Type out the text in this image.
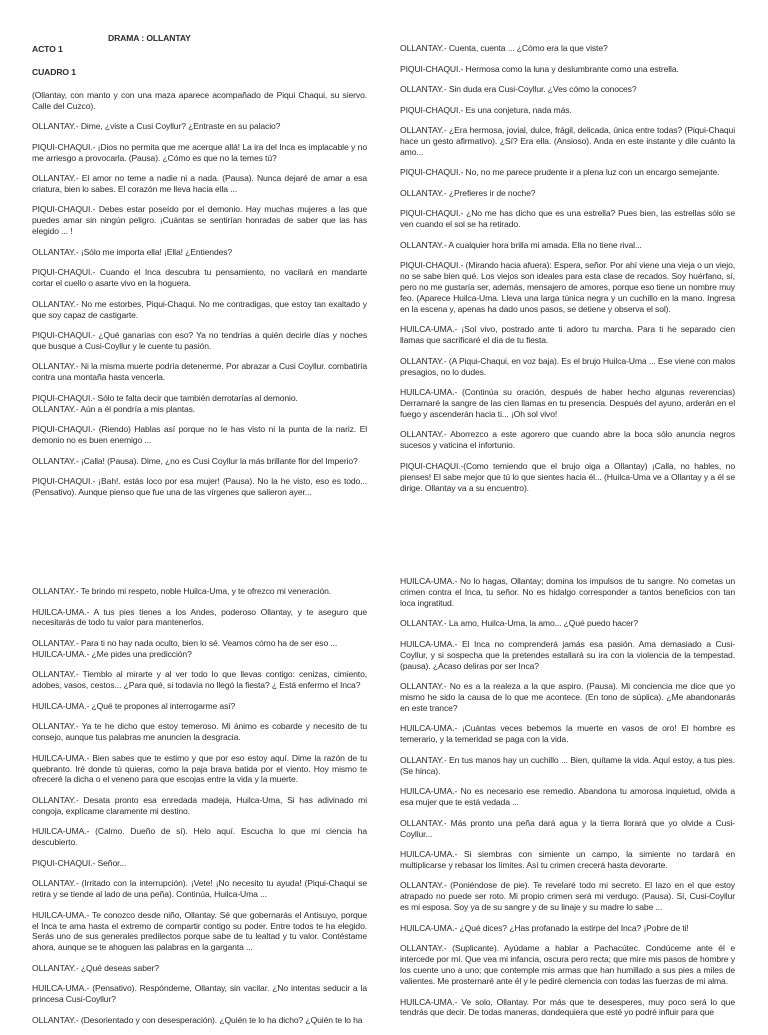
DRAMA : OLLANTAY

ACTO 1

CUADRO 1

(Ollantay, con manto y con una maza aparece acompañado de Piqui Chaqui, su siervo. Calle del Cuzco).

OLLANTAY.- Dime, ¿viste a Cusi Coyllur? ¿Entraste en su palacio?

PIQUI-CHAQUI.- ¡Dios no permita que me acerque allá! La ira del Inca es implacable y no me arriesgo a provocarla. (Pausa). ¿Cómo es que no la temes tú?

OLLANTAY.- El amor no teme a nadie ni a nada. (Pausa). Nunca dejaré de amar a esa criatura, bien lo sabes. El corazón me lleva hacia ella ...

PIQUI-CHAQUI.- Debes estar poseído por el demonio. Hay muchas mujeres a las que puedes amar sin ningún peligro. ¡Cuántas se sentirían honradas de saber que las has elegido ... !

OLLANTAY.- ¡Sólo me importa ella! ¡Ella! ¿Entiendes?

PIQUI-CHAQUI.- Cuando el Inca descubra tu pensamiento, no vacilará en mandarte cortar el cuello o asarte vivo en la hoguera.

OLLANTAY.- No me estorbes, Piqui-Chaqui. No me contradigas, que estoy tan exaltado y que soy capaz de castigarte.

PIQUI-CHAQUI.- ¿Qué ganarías con eso? Ya no tendrías a quién decirle días y noches que busque a Cusi-Coyllur y le cuente tu pasión.

OLLANTAY.- Ni la misma muerte podría detenerme. Por abrazar a Cusi Coyllur. combatiría contra una montaña hasta vencerla.

PIQUI-CHAQUI.- Sólo te falta decir que también derrotarías al demonio.

OLLANTAY.- Aún a él pondría a mis plantas.

PIQUI-CHAQUI.- (Riendo) Hablas así porque no le has visto ni la punta de la nariz. El demonio no es buen enemigo ...

OLLANTAY.- ¡Calla! (Pausa). Dime, ¿no es Cusi Coyllur la más brillante flor del Imperio?

PIQUI-CHAQUI.- ¡Bah!. estás loco por esa mujer! (Pausa). No la he visto, eso es todo... (Pensativo). Aunque pienso que fue una de las vírgenes que salieron ayer...

OLLANTAY.- Cuenta, cuenta ... ¿Cómo era la que viste?

PIQUI-CHAQUI.- Hermosa como la luna y deslumbrante como una estrella.

OLLANTAY.- Sin duda era Cusi-Coyllur. ¿Ves cómo la conoces?

PIQUI-CHAQUI.- Es una conjetura, nada más.

OLLANTAY.- ¿Era hermosa, jovial, dulce, frágil, delicada, única entre todas? (Piqui-Chaqui hace un gesto afirmativo). ¿Sí? Era ella. (Ansioso). Anda en este instante y dile cuánto la amo...

PIQUI-CHAQUI.- No, no me parece prudente ir a plena luz con un encargo semejante.

OLLANTAY.- ¿Prefieres ir de noche?

PIQUI-CHAQUI.- ¿No me has dicho que es una estrella? Pues bien, las estrellas sólo se ven cuando el sol se ha retirado.

OLLANTAY.- A cualquier hora brilla mi amada. Ella no tiene rival...

PIQUI-CHAQUI.- (Mirando hacia afuera): Espera, señor. Por ahí viene una vieja o un viejo, no se sabe bien qué. Los viejos son ideales para esta clase de recados. Soy huérfano, sí, pero no me gustaría ser, además, mensajero de amores, porque eso tiene un nombre muy feo. (Aparece Huilca-Uma. Lleva una larga túnica negra y un cuchillo en la mano. Ingresa en la escena y, apenas ha dado unos pasos, se detiene y observa el sol).

HUILCA-UMA.- ¡Sol vivo, postrado ante ti adoro tu marcha. Para ti he separado cien llamas que sacrificaré el día de tu fiesta.

OLLANTAY.- (A Piqui-Chaqui, en voz baja). Es el brujo Huilca-Uma ... Ese viene con malos presagios, no lo dudes.

HUILCA-UMA.- (Continúa su oración, después de haber hecho algunas reverencias) Derramaré la sangre de las cien llamas en tu presencia. Después del ayuno, arderán en el fuego y ascenderán hacia ti... ¡Oh sol vivo!

OLLANTAY.- Aborrezco a este agorero que cuando abre la boca sólo anuncia negros sucesos y vaticina el infortunio.

PIQUI-CHAQUI.-(Como temiendo que el brujo oiga a Ollantay) ¡Calla, no hables, no pienses! El sabe mejor que tú lo que sientes hacia él... (Huilca-Uma ve a Ollantay y a él se dirige. Ollantay va a su encuentro).

OLLANTAY.- Te brindo mi respeto, noble Huilca-Uma, y te ofrezco mi veneración.

HUILCA-UMA.- A tus pies tienes a los Andes, poderoso Ollantay, y te aseguro que necesitarás de todo tu valor para mantenerlos.

OLLANTAY.- Para ti no hay nada oculto, bien lo sé. Veamos cómo ha de ser eso ...

HUILCA-UMA.- ¿Me pides una predicción?

OLLANTAY.- Tiemblo al mirarte y al ver todo lo que llevas contigo: cenizas, cimiento, adobes, vasos, cestos... ¿Para qué, si todavía no llegó la fiesta? ¿ Está enfermo el Inca?

HUILCA-UMA.- ¿Qué te propones al interrogarme así?

OLLANTAY.- Ya te he dicho que estoy temeroso. Mi ánimo es cobarde y necesito de tu consejo, aunque tus palabras me anuncien la desgracia.

HUILCA-UMA.- Bien sabes que te estimo y que por eso estoy aquí. Dime la razón de tu quebranto. Iré donde tú quieras, como la paja brava batida por el viento. Hoy mismo te ofreceré la dicha o el veneno para que escojas entre la vida y la muerte.

OLLANTAY.- Desata pronto esa enredada madeja, Huilca-Uma, Si has adivinado mi congoja, explícame claramente mi destino.

HUILCA-UMA.- (Calmo. Dueño de sí). Helo aquí. Escucha lo que mi ciencia ha descubierto.

PIQUI-CHAQUI.- Señor...

OLLANTAY.- (Irritado con la interrupción). ¡Vete! ¡No necesito tu ayuda! (Piqui-Chaqui se retira y se tiende al lado de una peña). Continúa, Huilca-Uma ...

HUILCA-UMA.- Te conozco desde niño, Ollantay. Sé que gobernarás el Antisuyo, porque el Inca te ama hasta el extremo de compartir contigo su poder. Entre todos te ha elegido. Serás uno de sus generales predilectos porque sabe de tu lealtad y tu valor. Contéstame ahora, aunque se te ahoguen las palabras en la garganta ...

OLLANTAY.- ¿Qué deseas saber?

HUILCA-UMA.- (Pensativo). Respóndeme, Ollantay, sin vacilar. ¿No intentas seducir a la princesa Cusi-Coyllur?

OLLANTAY.- (Desorientado y con desesperación). ¿Quién te lo ha dicho? ¿Quién te lo ha

HUILCA-UMA.- No lo hagas, Ollantay; domina los impulsos de tu sangre. No cometas un crimen contra el Inca, tu señor. No es hidalgo corresponder a tantos beneficios con tan loca ingratitud.

OLLANTAY.- La amo, Huilca-Uma, la amo... ¿Qué puedo hacer?

HUILCA-UMA.- El Inca no comprenderá jamás esa pasión. Ama demasiado a Cusi-Coyllur, y si sospecha que la pretendes estallará su ira con la violencia de la tempestad. (pausa). ¿Acaso deliras por ser Inca?

OLLANTAY.- No es a la realeza a la que aspiro. (Pausa). Mi conciencia me dice que yo mismo he sido la causa de lo que me acontece. (En tono de súplica). ¿Me abandonarás en este trance?

HUILCA-UMA.- ¡Cuántas veces bebemos la muerte en vasos de oro! El hombre es temerario, y la temeridad se paga con la vida.

OLLANTAY.- En tus manos hay un cuchillo ... Bien, quítame la vida. Aquí estoy, a tus pies. (Se hinca).

HUILCA-UMA.- No es necesario ese remedio. Abandona tu amorosa inquietud, olvida a esa mujer que te está vedada ...

OLLANTAY.- Más pronto una peña dará agua y la tierra llorará que yo olvide a Cusi-Coyllur...

HUILCA-UMA.- Si siembras con simiente un campo, la simiente no tardará en multiplicarse y rebasar los límites. Así tu crimen crecerá hasta devorarte.

OLLANTAY.- (Poniéndose de pie). Te revelaré todo mi secreto. El lazo en el que estoy atrapado no puede ser roto. Mi propio crimen será mi verdugo. (Pausa). Sí, Cusi-Coyllur es mi esposa. Soy ya de su sangre y de su linaje y su madre lo sabe ...

HUILCA-UMA.- ¿Qué dices? ¿Has profanado la estirpe del Inca? ¡Pobre de ti!

OLLANTAY.- (Suplicante). Ayúdame a hablar a Pachacútec. Condúceme ante él e intercede por mí. Que vea mi infancia, oscura pero recta; que mire mis pasos de hombre y los cuente uno a uno; que contemple mis armas que han humillado a sus pies a miles de valientes. Me prosternaré ante él y le pediré clemencia con todas las fuerzas de mi alma.

HUILCA-UMA.- Ve solo, Ollantay. Por más que te desesperes, muy poco será lo que tendrás que decir. De todas maneras, dondequiera que esté yo podré influir para que
